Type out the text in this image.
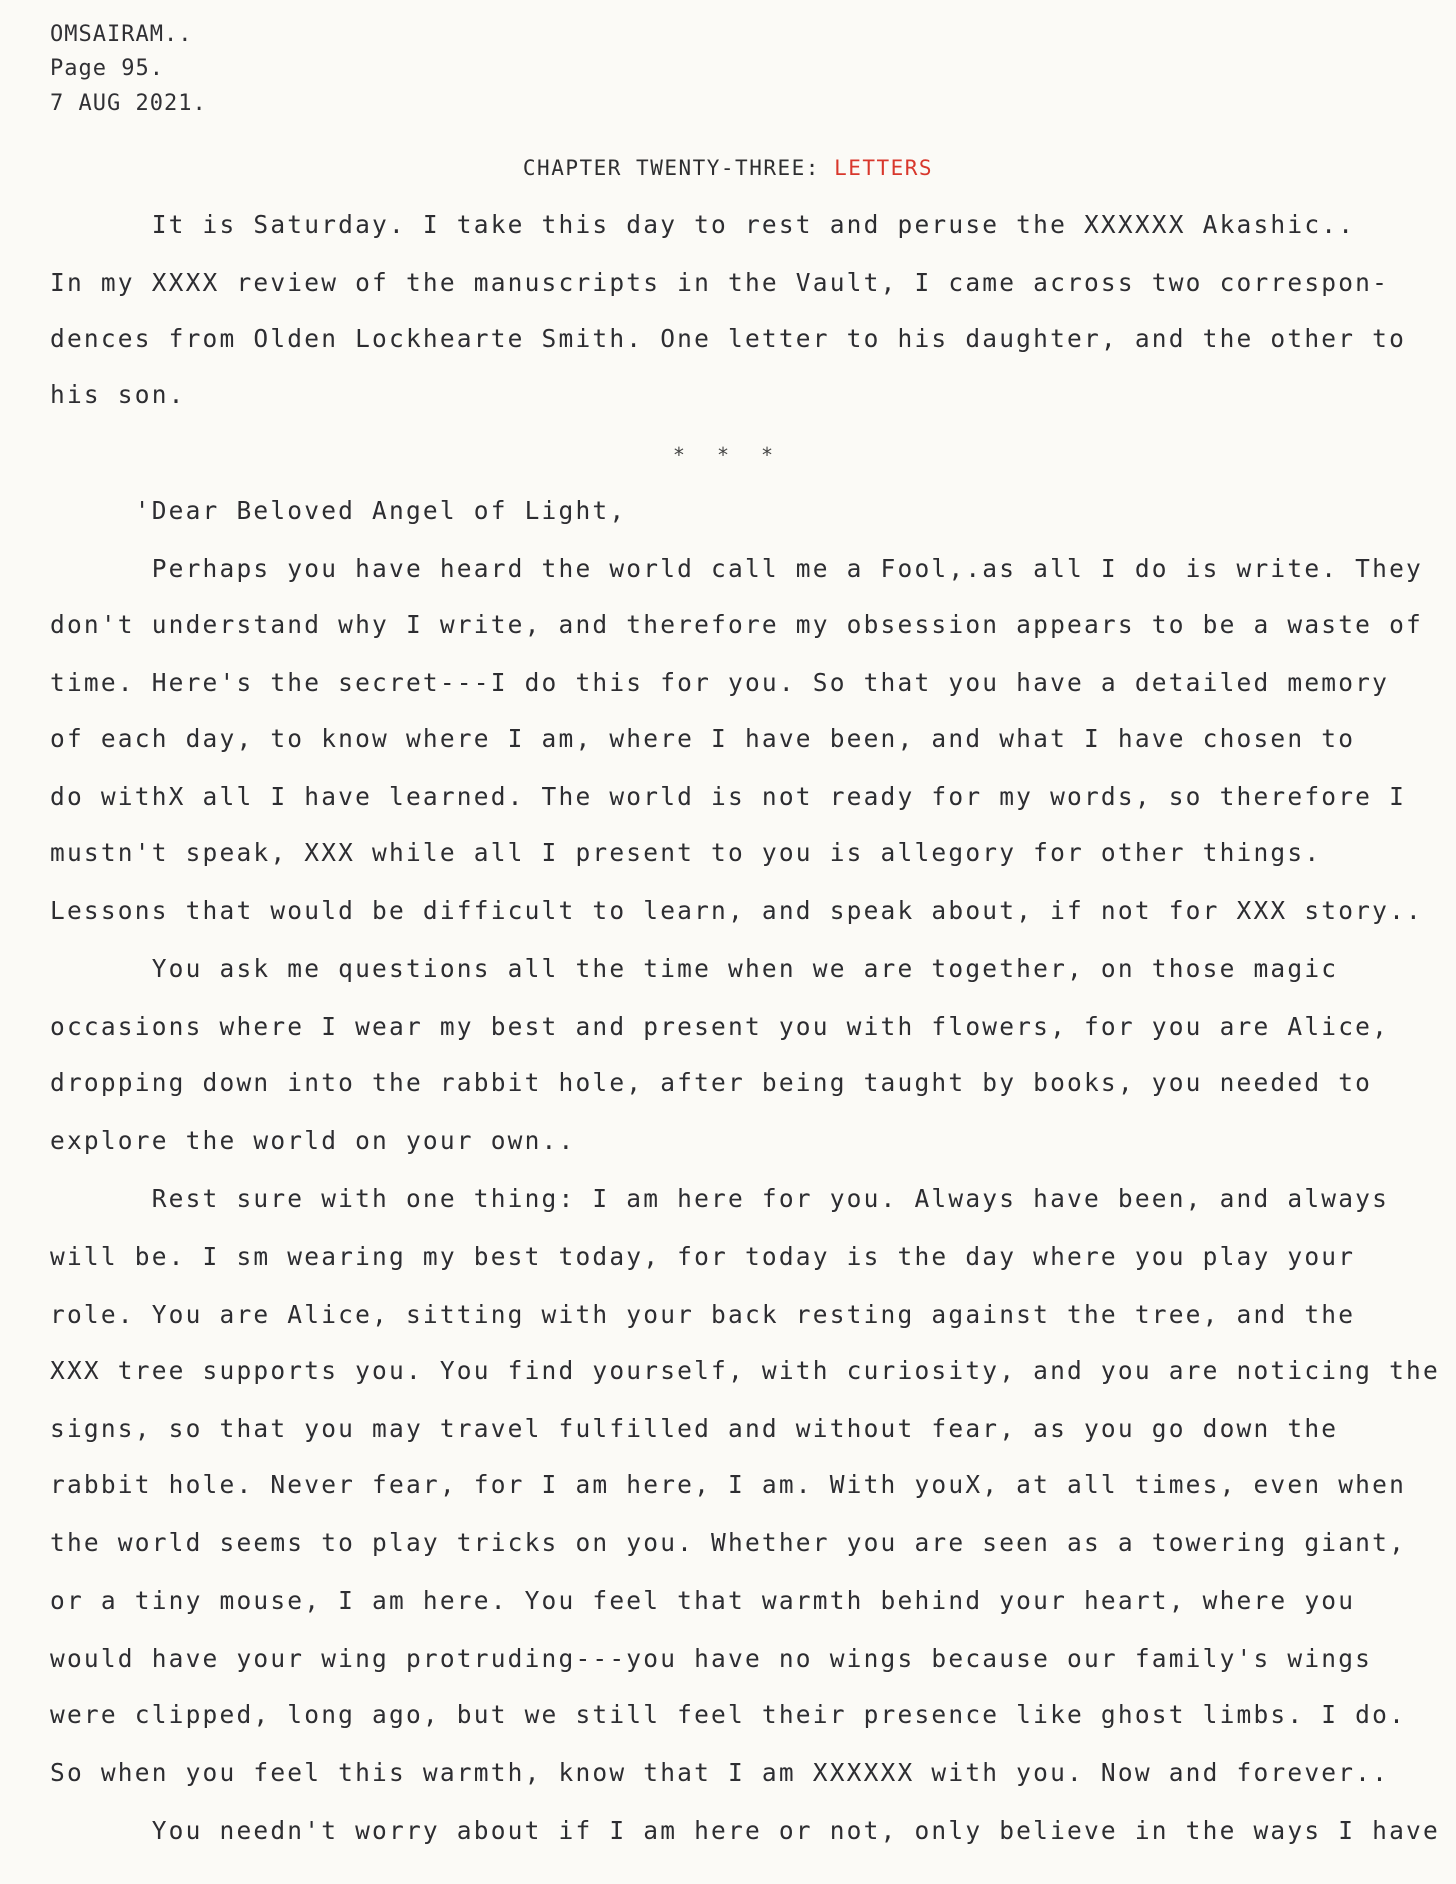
OMSAIRAM..
Page 95.
7 AUG 2021.
CHAPTER TWENTY-THREE: LETTERS
It is Saturday. I take this day to rest and peruse the XXXXXX Akashic..
In my XXXX review of the manuscripts in the Vault, I came across two correspon-
dences from Olden Lockhearte Smith. One letter to his daughter, and the other to
his son.
* * *
'Dear Beloved Angel of Light,
Perhaps you have heard the world call me a Fool,.as all I do is write. They
don't understand why I write, and therefore my obsession appears to be a waste of
time. Here's the secret---I do this for you. So that you have a detailed memory
of each day, to know where I am, where I have been, and what I have chosen to
do withX all I have learned. The world is not ready for my words, so therefore I
mustn't speak, XXX while all I present to you is allegory for other things.
Lessons that would be difficult to learn, and speak about, if not for XXX story..
You ask me questions all the time when we are together, on those magic
occasions where I wear my best and present you with flowers, for you are Alice,
dropping down into the rabbit hole, after being taught by books, you needed to
explore the world on your own..
Rest sure with one thing: I am here for you. Always have been, and always
will be. I sm wearing my best today, for today is the day where you play your
role. You are Alice, sitting with your back resting against the tree, and the
XXX tree supports you. You find yourself, with curiosity, and you are noticing the
signs, so that you may travel fulfilled and without fear, as you go down the
rabbit hole. Never fear, for I am here, I am. With youX, at all times, even when
the world seems to play tricks on you. Whether you are seen as a towering giant,
or a tiny mouse, I am here. You feel that warmth behind your heart, where you
would have your wing protruding---you have no wings because our family's wings
were clipped, long ago, but we still feel their presence like ghost limbs. I do.
So when you feel this warmth, know that I am XXXXXX with you. Now and forever..
You needn't worry about if I am here or not, only believe in the ways I have
